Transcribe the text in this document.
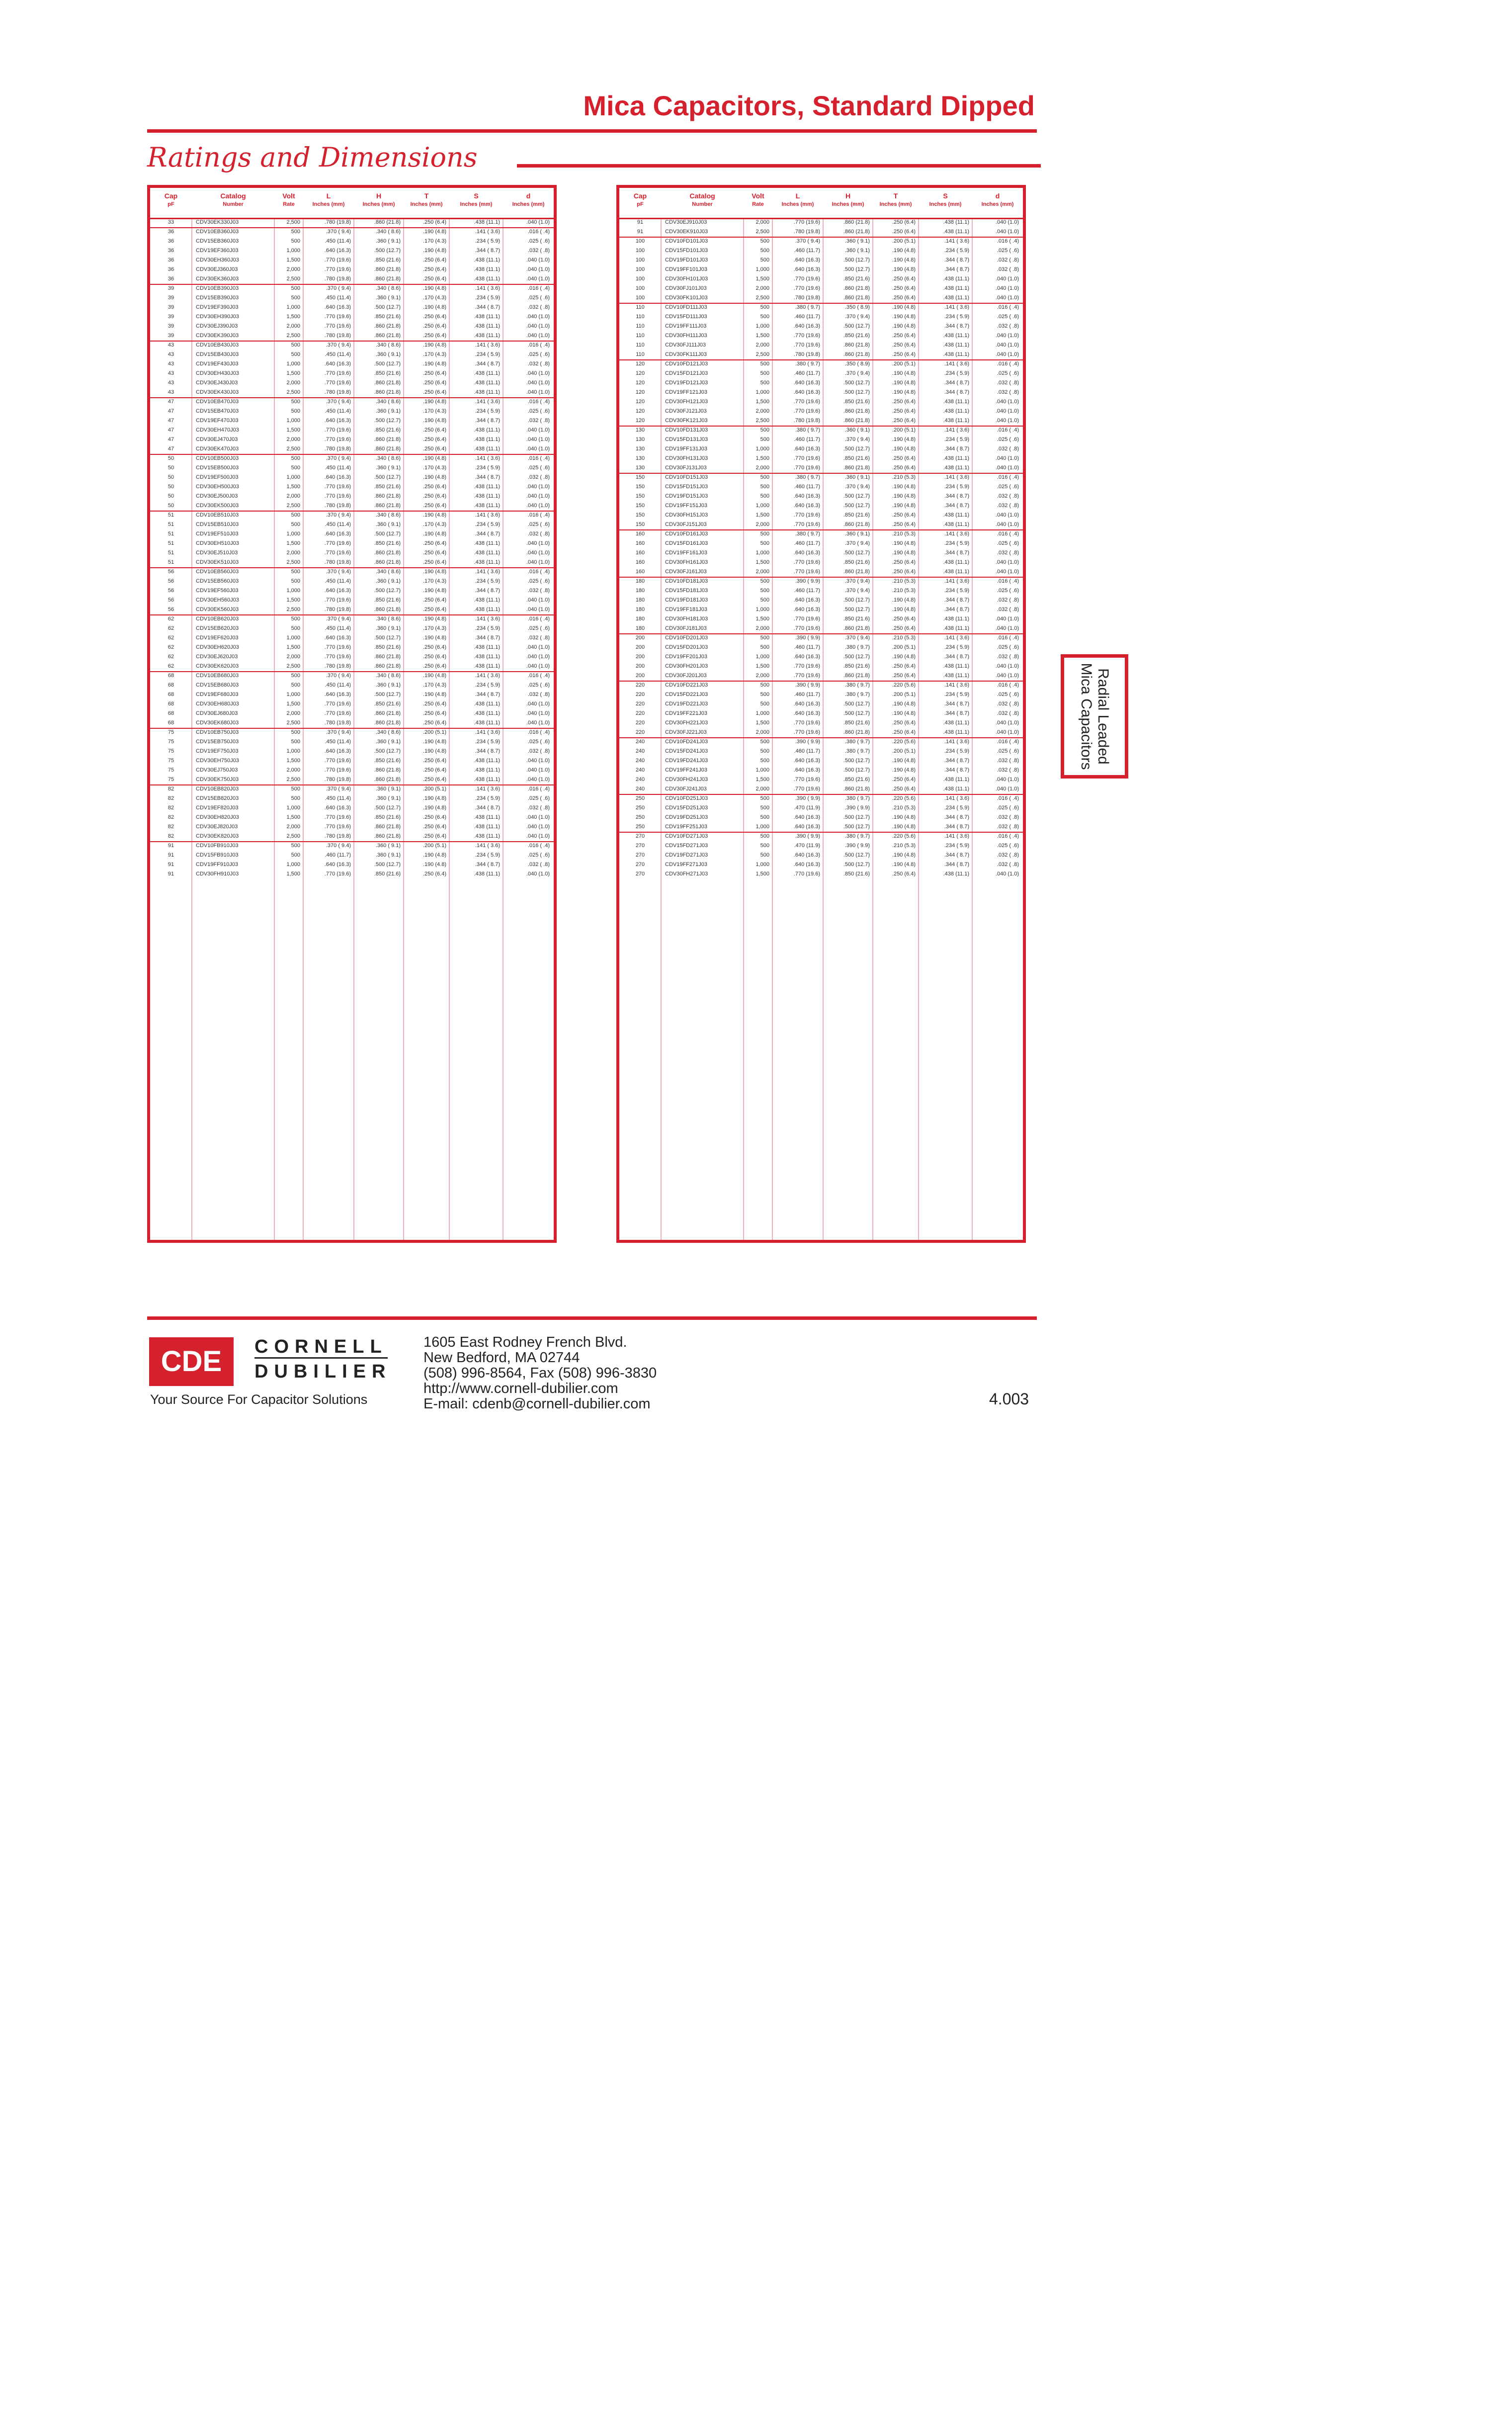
Mica Capacitors, Standard Dipped
Ratings and Dimensions
Cap
pF
Catalog
Number
Volt
Rate
L
Inches (mm)
H
Inches (mm)
T
Inches (mm)
S
Inches (mm)
d
Inches (mm)
33	CDV30EK330J03	2,500	.780 (19.8)	.860 (21.8)	.250 (6.4)	.438 (11.1)	.040 (1.0)
36	CDV10EB360J03	500	.370 ( 9.4)	.340 ( 8.6)	.190 (4.8)	.141 ( 3.6)	.016 ( .4)
36	CDV15EB360J03	500	.450 (11.4)	.360 ( 9.1)	.170 (4.3)	.234 ( 5.9)	.025 ( .6)
36	CDV19EF360J03	1,000	.640 (16.3)	.500 (12.7)	.190 (4.8)	.344 ( 8.7)	.032 ( .8)
36	CDV30EH360J03	1,500	.770 (19.6)	.850 (21.6)	.250 (6.4)	.438 (11.1)	.040 (1.0)
36	CDV30EJ360J03	2,000	.770 (19.6)	.860 (21.8)	.250 (6.4)	.438 (11.1)	.040 (1.0)
36	CDV30EK360J03	2,500	.780 (19.8)	.860 (21.8)	.250 (6.4)	.438 (11.1)	.040 (1.0)
39	CDV10EB390J03	500	.370 ( 9.4)	.340 ( 8.6)	.190 (4.8)	.141 ( 3.6)	.016 ( .4)
39	CDV15EB390J03	500	.450 (11.4)	.360 ( 9.1)	.170 (4.3)	.234 ( 5.9)	.025 ( .6)
39	CDV19EF390J03	1,000	.640 (16.3)	.500 (12.7)	.190 (4.8)	.344 ( 8.7)	.032 ( .8)
39	CDV30EH390J03	1,500	.770 (19.6)	.850 (21.6)	.250 (6.4)	.438 (11.1)	.040 (1.0)
39	CDV30EJ390J03	2,000	.770 (19.6)	.860 (21.8)	.250 (6.4)	.438 (11.1)	.040 (1.0)
39	CDV30EK390J03	2,500	.780 (19.8)	.860 (21.8)	.250 (6.4)	.438 (11.1)	.040 (1.0)
43	CDV10EB430J03	500	.370 ( 9.4)	.340 ( 8.6)	.190 (4.8)	.141 ( 3.6)	.016 ( .4)
43	CDV15EB430J03	500	.450 (11.4)	.360 ( 9.1)	.170 (4.3)	.234 ( 5.9)	.025 ( .6)
43	CDV19EF430J03	1,000	.640 (16.3)	.500 (12.7)	.190 (4.8)	.344 ( 8.7)	.032 ( .8)
43	CDV30EH430J03	1,500	.770 (19.6)	.850 (21.6)	.250 (6.4)	.438 (11.1)	.040 (1.0)
43	CDV30EJ430J03	2,000	.770 (19.6)	.860 (21.8)	.250 (6.4)	.438 (11.1)	.040 (1.0)
43	CDV30EK430J03	2,500	.780 (19.8)	.860 (21.8)	.250 (6.4)	.438 (11.1)	.040 (1.0)
47	CDV10EB470J03	500	.370 ( 9.4)	.340 ( 8.6)	.190 (4.8)	.141 ( 3.6)	.016 ( .4)
47	CDV15EB470J03	500	.450 (11.4)	.360 ( 9.1)	.170 (4.3)	.234 ( 5.9)	.025 ( .6)
47	CDV19EF470J03	1,000	.640 (16.3)	.500 (12.7)	.190 (4.8)	.344 ( 8.7)	.032 ( .8)
47	CDV30EH470J03	1,500	.770 (19.6)	.850 (21.6)	.250 (6.4)	.438 (11.1)	.040 (1.0)
47	CDV30EJ470J03	2,000	.770 (19.6)	.860 (21.8)	.250 (6.4)	.438 (11.1)	.040 (1.0)
47	CDV30EK470J03	2,500	.780 (19.8)	.860 (21.8)	.250 (6.4)	.438 (11.1)	.040 (1.0)
50	CDV10EB500J03	500	.370 ( 9.4)	.340 ( 8.6)	.190 (4.8)	.141 ( 3.6)	.016 ( .4)
50	CDV15EB500J03	500	.450 (11.4)	.360 ( 9.1)	.170 (4.3)	.234 ( 5.9)	.025 ( .6)
50	CDV19EF500J03	1,000	.640 (16.3)	.500 (12.7)	.190 (4.8)	.344 ( 8.7)	.032 ( .8)
50	CDV30EH500J03	1,500	.770 (19.6)	.850 (21.6)	.250 (6.4)	.438 (11.1)	.040 (1.0)
50	CDV30EJ500J03	2,000	.770 (19.6)	.860 (21.8)	.250 (6.4)	.438 (11.1)	.040 (1.0)
50	CDV30EK500J03	2,500	.780 (19.8)	.860 (21.8)	.250 (6.4)	.438 (11.1)	.040 (1.0)
51	CDV10EB510J03	500	.370 ( 9.4)	.340 ( 8.6)	.190 (4.8)	.141 ( 3.6)	.016 ( .4)
51	CDV15EB510J03	500	.450 (11.4)	.360 ( 9.1)	.170 (4.3)	.234 ( 5.9)	.025 ( .6)
51	CDV19EF510J03	1,000	.640 (16.3)	.500 (12.7)	.190 (4.8)	.344 ( 8.7)	.032 ( .8)
51	CDV30EH510J03	1,500	.770 (19.6)	.850 (21.6)	.250 (6.4)	.438 (11.1)	.040 (1.0)
51	CDV30EJ510J03	2,000	.770 (19.6)	.860 (21.8)	.250 (6.4)	.438 (11.1)	.040 (1.0)
51	CDV30EK510J03	2,500	.780 (19.8)	.860 (21.8)	.250 (6.4)	.438 (11.1)	.040 (1.0)
56	CDV10EB560J03	500	.370 ( 9.4)	.340 ( 8.6)	.190 (4.8)	.141 ( 3.6)	.016 ( .4)
56	CDV15EB560J03	500	.450 (11.4)	.360 ( 9.1)	.170 (4.3)	.234 ( 5.9)	.025 ( .6)
56	CDV19EF560J03	1,000	.640 (16.3)	.500 (12.7)	.190 (4.8)	.344 ( 8.7)	.032 ( .8)
56	CDV30EH560J03	1,500	.770 (19.6)	.850 (21.6)	.250 (6.4)	.438 (11.1)	.040 (1.0)
56	CDV30EK560J03	2,500	.780 (19.8)	.860 (21.8)	.250 (6.4)	.438 (11.1)	.040 (1.0)
62	CDV10EB620J03	500	.370 ( 9.4)	.340 ( 8.6)	.190 (4.8)	.141 ( 3.6)	.016 ( .4)
62	CDV15EB620J03	500	.450 (11.4)	.360 ( 9.1)	.170 (4.3)	.234 ( 5.9)	.025 ( .6)
62	CDV19EF620J03	1,000	.640 (16.3)	.500 (12.7)	.190 (4.8)	.344 ( 8.7)	.032 ( .8)
62	CDV30EH620J03	1,500	.770 (19.6)	.850 (21.6)	.250 (6.4)	.438 (11.1)	.040 (1.0)
62	CDV30EJ620J03	2,000	.770 (19.6)	.860 (21.8)	.250 (6.4)	.438 (11.1)	.040 (1.0)
62	CDV30EK620J03	2,500	.780 (19.8)	.860 (21.8)	.250 (6.4)	.438 (11.1)	.040 (1.0)
68	CDV10EB680J03	500	.370 ( 9.4)	.340 ( 8.6)	.190 (4.8)	.141 ( 3.6)	.016 ( .4)
68	CDV15EB680J03	500	.450 (11.4)	.360 ( 9.1)	.170 (4.3)	.234 ( 5.9)	.025 ( .6)
68	CDV19EF680J03	1,000	.640 (16.3)	.500 (12.7)	.190 (4.8)	.344 ( 8.7)	.032 ( .8)
68	CDV30EH680J03	1,500	.770 (19.6)	.850 (21.6)	.250 (6.4)	.438 (11.1)	.040 (1.0)
68	CDV30EJ680J03	2,000	.770 (19.6)	.860 (21.8)	.250 (6.4)	.438 (11.1)	.040 (1.0)
68	CDV30EK680J03	2,500	.780 (19.8)	.860 (21.8)	.250 (6.4)	.438 (11.1)	.040 (1.0)
75	CDV10EB750J03	500	.370 ( 9.4)	.340 ( 8.6)	.200 (5.1)	.141 ( 3.6)	.016 ( .4)
75	CDV15EB750J03	500	.450 (11.4)	.360 ( 9.1)	.190 (4.8)	.234 ( 5.9)	.025 ( .6)
75	CDV19EF750J03	1,000	.640 (16.3)	.500 (12.7)	.190 (4.8)	.344 ( 8.7)	.032 ( .8)
75	CDV30EH750J03	1,500	.770 (19.6)	.850 (21.6)	.250 (6.4)	.438 (11.1)	.040 (1.0)
75	CDV30EJ750J03	2,000	.770 (19.6)	.860 (21.8)	.250 (6.4)	.438 (11.1)	.040 (1.0)
75	CDV30EK750J03	2,500	.780 (19.8)	.860 (21.8)	.250 (6.4)	.438 (11.1)	.040 (1.0)
82	CDV10EB820J03	500	.370 ( 9.4)	.360 ( 9.1)	.200 (5.1)	.141 ( 3.6)	.016 ( .4)
82	CDV15EB820J03	500	.450 (11.4)	.360 ( 9.1)	.190 (4.8)	.234 ( 5.9)	.025 ( .6)
82	CDV19EF820J03	1,000	.640 (16.3)	.500 (12.7)	.190 (4.8)	.344 ( 8.7)	.032 ( .8)
82	CDV30EH820J03	1,500	.770 (19.6)	.850 (21.6)	.250 (6.4)	.438 (11.1)	.040 (1.0)
82	CDV30EJ820J03	2,000	.770 (19.6)	.860 (21.8)	.250 (6.4)	.438 (11.1)	.040 (1.0)
82	CDV30EK820J03	2,500	.780 (19.8)	.860 (21.8)	.250 (6.4)	.438 (11.1)	.040 (1.0)
91	CDV10FB910J03	500	.370 ( 9.4)	.360 ( 9.1)	.200 (5.1)	.141 ( 3.6)	.016 ( .4)
91	CDV15FB910J03	500	.460 (11.7)	.360 ( 9.1)	.190 (4.8)	.234 ( 5.9)	.025 ( .6)
91	CDV19FF910J03	1,000	.640 (16.3)	.500 (12.7)	.190 (4.8)	.344 ( 8.7)	.032 ( .8)
91	CDV30FH910J03	1,500	.770 (19.6)	.850 (21.6)	.250 (6.4)	.438 (11.1)	.040 (1.0)
Cap
pF
Catalog
Number
Volt
Rate
L
Inches (mm)
H
Inches (mm)
T
Inches (mm)
S
Inches (mm)
d
Inches (mm)
91	CDV30EJ910J03	2,000	.770 (19.6)	.860 (21.8)	.250 (6.4)	.438 (11.1)	.040 (1.0)
91	CDV30EK910J03	2,500	.780 (19.8)	.860 (21.8)	.250 (6.4)	.438 (11.1)	.040 (1.0)
100	CDV10FD101J03	500	.370 ( 9.4)	.360 ( 9.1)	.200 (5.1)	.141 ( 3.6)	.016 ( .4)
100	CDV15FD101J03	500	.460 (11.7)	.360 ( 9.1)	.190 (4.8)	.234 ( 5.9)	.025 ( .6)
100	CDV19FD101J03	500	.640 (16.3)	.500 (12.7)	.190 (4.8)	.344 ( 8.7)	.032 ( .8)
100	CDV19FF101J03	1,000	.640 (16.3)	.500 (12.7)	.190 (4.8)	.344 ( 8.7)	.032 ( .8)
100	CDV30FH101J03	1,500	.770 (19.6)	.850 (21.6)	.250 (6.4)	.438 (11.1)	.040 (1.0)
100	CDV30FJ101J03	2,000	.770 (19.6)	.860 (21.8)	.250 (6.4)	.438 (11.1)	.040 (1.0)
100	CDV30FK101J03	2,500	.780 (19.8)	.860 (21.8)	.250 (6.4)	.438 (11.1)	.040 (1.0)
110	CDV10FD111J03	500	.380 ( 9.7)	.350 ( 8.9)	.190 (4.8)	.141 ( 3.6)	.016 ( .4)
110	CDV15FD111J03	500	.460 (11.7)	.370 ( 9.4)	.190 (4.8)	.234 ( 5.9)	.025 ( .6)
110	CDV19FF111J03	1,000	.640 (16.3)	.500 (12.7)	.190 (4.8)	.344 ( 8.7)	.032 ( .8)
110	CDV30FH111J03	1,500	.770 (19.6)	.850 (21.6)	.250 (6.4)	.438 (11.1)	.040 (1.0)
110	CDV30FJ111J03	2,000	.770 (19.6)	.860 (21.8)	.250 (6.4)	.438 (11.1)	.040 (1.0)
110	CDV30FK111J03	2,500	.780 (19.8)	.860 (21.8)	.250 (6.4)	.438 (11.1)	.040 (1.0)
120	CDV10FD121J03	500	.380 ( 9.7)	.350 ( 8.9)	.200 (5.1)	.141 ( 3.6)	.016 ( .4)
120	CDV15FD121J03	500	.460 (11.7)	.370 ( 9.4)	.190 (4.8)	.234 ( 5.9)	.025 ( .6)
120	CDV19FD121J03	500	.640 (16.3)	.500 (12.7)	.190 (4.8)	.344 ( 8.7)	.032 ( .8)
120	CDV19FF121J03	1,000	.640 (16.3)	.500 (12.7)	.190 (4.8)	.344 ( 8.7)	.032 ( .8)
120	CDV30FH121J03	1,500	.770 (19.6)	.850 (21.6)	.250 (6.4)	.438 (11.1)	.040 (1.0)
120	CDV30FJ121J03	2,000	.770 (19.6)	.860 (21.8)	.250 (6.4)	.438 (11.1)	.040 (1.0)
120	CDV30FK121J03	2,500	.780 (19.8)	.860 (21.8)	.250 (6.4)	.438 (11.1)	.040 (1.0)
130	CDV10FD131J03	500	.380 ( 9.7)	.360 ( 9.1)	.200 (5.1)	.141 ( 3.6)	.016 ( .4)
130	CDV15FD131J03	500	.460 (11.7)	.370 ( 9.4)	.190 (4.8)	.234 ( 5.9)	.025 ( .6)
130	CDV19FF131J03	1,000	.640 (16.3)	.500 (12.7)	.190 (4.8)	.344 ( 8.7)	.032 ( .8)
130	CDV30FH131J03	1,500	.770 (19.6)	.850 (21.6)	.250 (6.4)	.438 (11.1)	.040 (1.0)
130	CDV30FJ131J03	2,000	.770 (19.6)	.860 (21.8)	.250 (6.4)	.438 (11.1)	.040 (1.0)
150	CDV10FD151J03	500	.380 ( 9.7)	.360 ( 9.1)	.210 (5.3)	.141 ( 3.6)	.016 ( .4)
150	CDV15FD151J03	500	.460 (11.7)	.370 ( 9.4)	.190 (4.8)	.234 ( 5.9)	.025 ( .6)
150	CDV19FD151J03	500	.640 (16.3)	.500 (12.7)	.190 (4.8)	.344 ( 8.7)	.032 ( .8)
150	CDV19FF151J03	1,000	.640 (16.3)	.500 (12.7)	.190 (4.8)	.344 ( 8.7)	.032 ( .8)
150	CDV30FH151J03	1,500	.770 (19.6)	.850 (21.6)	.250 (6.4)	.438 (11.1)	.040 (1.0)
150	CDV30FJ151J03	2,000	.770 (19.6)	.860 (21.8)	.250 (6.4)	.438 (11.1)	.040 (1.0)
160	CDV10FD161J03	500	.380 ( 9.7)	.360 ( 9.1)	.210 (5.3)	.141 ( 3.6)	.016 ( .4)
160	CDV15FD161J03	500	.460 (11.7)	.370 ( 9.4)	.190 (4.8)	.234 ( 5.9)	.025 ( .6)
160	CDV19FF161J03	1,000	.640 (16.3)	.500 (12.7)	.190 (4.8)	.344 ( 8.7)	.032 ( .8)
160	CDV30FH161J03	1,500	.770 (19.6)	.850 (21.6)	.250 (6.4)	.438 (11.1)	.040 (1.0)
160	CDV30FJ161J03	2,000	.770 (19.6)	.860 (21.8)	.250 (6.4)	.438 (11.1)	.040 (1.0)
180	CDV10FD181J03	500	.390 ( 9.9)	.370 ( 9.4)	.210 (5.3)	.141 ( 3.6)	.016 ( .4)
180	CDV15FD181J03	500	.460 (11.7)	.370 ( 9.4)	.210 (5.3)	.234 ( 5.9)	.025 ( .6)
180	CDV19FD181J03	500	.640 (16.3)	.500 (12.7)	.190 (4.8)	.344 ( 8.7)	.032 ( .8)
180	CDV19FF181J03	1,000	.640 (16.3)	.500 (12.7)	.190 (4.8)	.344 ( 8.7)	.032 ( .8)
180	CDV30FH181J03	1,500	.770 (19.6)	.850 (21.6)	.250 (6.4)	.438 (11.1)	.040 (1.0)
180	CDV30FJ181J03	2,000	.770 (19.6)	.860 (21.8)	.250 (6.4)	.438 (11.1)	.040 (1.0)
200	CDV10FD201J03	500	.390 ( 9.9)	.370 ( 9.4)	.210 (5.3)	.141 ( 3.6)	.016 ( .4)
200	CDV15FD201J03	500	.460 (11.7)	.380 ( 9.7)	.200 (5.1)	.234 ( 5.9)	.025 ( .6)
200	CDV19FF201J03	1,000	.640 (16.3)	.500 (12.7)	.190 (4.8)	.344 ( 8.7)	.032 ( .8)
200	CDV30FH201J03	1,500	.770 (19.6)	.850 (21.6)	.250 (6.4)	.438 (11.1)	.040 (1.0)
200	CDV30FJ201J03	2,000	.770 (19.6)	.860 (21.8)	.250 (6.4)	.438 (11.1)	.040 (1.0)
220	CDV10FD221J03	500	.390 ( 9.9)	.380 ( 9.7)	.220 (5.6)	.141 ( 3.6)	.016 ( .4)
220	CDV15FD221J03	500	.460 (11.7)	.380 ( 9.7)	.200 (5.1)	.234 ( 5.9)	.025 ( .6)
220	CDV19FD221J03	500	.640 (16.3)	.500 (12.7)	.190 (4.8)	.344 ( 8.7)	.032 ( .8)
220	CDV19FF221J03	1,000	.640 (16.3)	.500 (12.7)	.190 (4.8)	.344 ( 8.7)	.032 ( .8)
220	CDV30FH221J03	1,500	.770 (19.6)	.850 (21.6)	.250 (6.4)	.438 (11.1)	.040 (1.0)
220	CDV30FJ221J03	2,000	.770 (19.6)	.860 (21.8)	.250 (6.4)	.438 (11.1)	.040 (1.0)
240	CDV10FD241J03	500	.390 ( 9.9)	.380 ( 9.7)	.220 (5.6)	.141 ( 3.6)	.016 ( .4)
240	CDV15FD241J03	500	.460 (11.7)	.380 ( 9.7)	.200 (5.1)	.234 ( 5.9)	.025 ( .6)
240	CDV19FD241J03	500	.640 (16.3)	.500 (12.7)	.190 (4.8)	.344 ( 8.7)	.032 ( .8)
240	CDV19FF241J03	1,000	.640 (16.3)	.500 (12.7)	.190 (4.8)	.344 ( 8.7)	.032 ( .8)
240	CDV30FH241J03	1,500	.770 (19.6)	.850 (21.6)	.250 (6.4)	.438 (11.1)	.040 (1.0)
240	CDV30FJ241J03	2,000	.770 (19.6)	.860 (21.8)	.250 (6.4)	.438 (11.1)	.040 (1.0)
250	CDV10FD251J03	500	.390 ( 9.9)	.380 ( 9.7)	.220 (5.6)	.141 ( 3.6)	.016 ( .4)
250	CDV15FD251J03	500	.470 (11.9)	.390 ( 9.9)	.210 (5.3)	.234 ( 5.9)	.025 ( .6)
250	CDV19FD251J03	500	.640 (16.3)	.500 (12.7)	.190 (4.8)	.344 ( 8.7)	.032 ( .8)
250	CDV19FF251J03	1,000	.640 (16.3)	.500 (12.7)	.190 (4.8)	.344 ( 8.7)	.032 ( .8)
270	CDV10FD271J03	500	.390 ( 9.9)	.380 ( 9.7)	.220 (5.6)	.141 ( 3.6)	.016 ( .4)
270	CDV15FD271J03	500	.470 (11.9)	.390 ( 9.9)	.210 (5.3)	.234 ( 5.9)	.025 ( .6)
270	CDV19FD271J03	500	.640 (16.3)	.500 (12.7)	.190 (4.8)	.344 ( 8.7)	.032 ( .8)
270	CDV19FF271J03	1,000	.640 (16.3)	.500 (12.7)	.190 (4.8)	.344 ( 8.7)	.032 ( .8)
270	CDV30FH271J03	1,500	.770 (19.6)	.850 (21.6)	.250 (6.4)	.438 (11.1)	.040 (1.0)
Radial Leaded
Mica Capacitors
CDE	CORNELL
DUBILIER
Your Source For Capacitor Solutions
1605 East Rodney French Blvd.
New Bedford, MA 02744
(508) 996-8564, Fax (508) 996-3830
http://www.cornell-dubilier.com
E-mail: cdenb@cornell-dubilier.com	4.003
